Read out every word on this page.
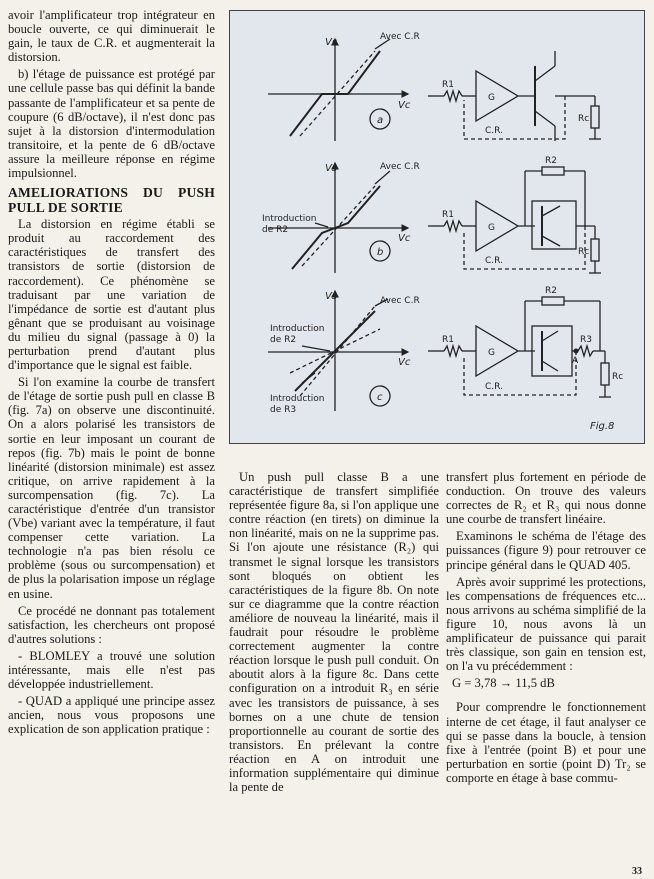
avoir l'amplificateur trop intégrateur en boucle ouverte, ce qui diminuerait le gain, le taux de C.R. et augmenterait la distorsion.

b) l'étage de puissance est protégé par une cellule passe bas qui définit la bande passante de l'amplificateur et sa pente de coupure (6 dB/octave), il n'est donc pas sujet à la distorsion d'intermodulation transitoire, et la pente de 6 dB/octave assure la meilleure réponse en régime impulsionnel.

AMELIORATIONS DU PUSH PULL DE SORTIE

La distorsion en régime établi se produit au raccordement des caractéristiques de transfert des transistors de sortie (distorsion de raccordement). Ce phénomène se traduisant par une variation de l'impédance de sortie est d'autant plus gênant que se produisant au voisinage du milieu du signal (passage à 0) la perturbation prend d'autant plus d'importance que le signal est faible.

Si l'on examine la courbe de transfert de l'étage de sortie push pull en classe B (fig. 7a) on observe une discontinuité. On a alors polarisé les transistors de sortie en leur imposant un courant de repos (fig. 7b) mais le point de bonne linéarité (distorsion minimale) est assez critique, on arrive rapidement à la surcompensation (fig. 7c). La caractéristique d'entrée d'un transistor (Vbe) variant avec la température, il faut compenser cette variation. La technologie n'a pas bien résolu ce problème (sous ou surcompensation) et de plus la polarisation impose un réglage en usine.

Ce procédé ne donnant pas totalement satisfaction, les chercheurs ont proposé d'autres solutions :

- BLOMLEY a trouvé une solution intéressante, mais elle n'est pas développée industriellement.

- QUAD a appliqué une principe assez ancien, nous vous proposons une explication de son application pratique :

Vs	Avec C.R
Vc
a
Vs	Avec C.R
Vc
Introduction
de R2
b
Vs	Avec C.R
Vc
Introduction
de R2
Introduction
de R3
c
R1
G
Rc
C.R.
R1
G
R2
Rc
C.R.
R1
G
R2
R3
A
Rc
C.R.
Fig.8

Un push pull classe B a une caractéristique de transfert simplifiée représentée figure 8a, si l'on applique une contre réaction (en tirets) on diminue la non linéarité, mais on ne la supprime pas. Si l'on ajoute une résistance (R₂) qui transmet le signal lorsque les transistors sont bloqués on obtient les caractéristiques de la figure 8b. On note sur ce diagramme que la contre réaction améliore de nouveau la linéarité, mais il faudrait pour résoudre le problème correctement augmenter la contre réaction lorsque le push pull conduit. On aboutit alors à la figure 8c. Dans cette configuration on a introduit R₃ en série avec les transistors de puissance, à ses bornes on a une chute de tension proportionnelle au courant de sortie des transistors. En prélevant la contre réaction en A on introduit une information supplémentaire qui diminue la pente de

transfert plus fortement en période de conduction. On trouve des valeurs correctes de R₂ et R₃ qui nous donne une courbe de transfert linéaire.

Examinons le schéma de l'étage des puissances (figure 9) pour retrouver ce principe général dans le QUAD 405.

Après avoir supprimé les protections, les compensations de fréquences etc... nous arrivons au schéma simplifié de la figure 10, nous avons là un amplificateur de puissance qui parait très classique, son gain en tension est, on l'a vu précédemment :

G = 3,78 → 11,5 dB

Pour comprendre le fonctionnement interne de cet étage, il faut analyser ce qui se passe dans la boucle, à tension fixe à l'entrée (point B) et pour une perturbation en sortie (point D) Tr₂ se comporte en étage à base commu-

33
